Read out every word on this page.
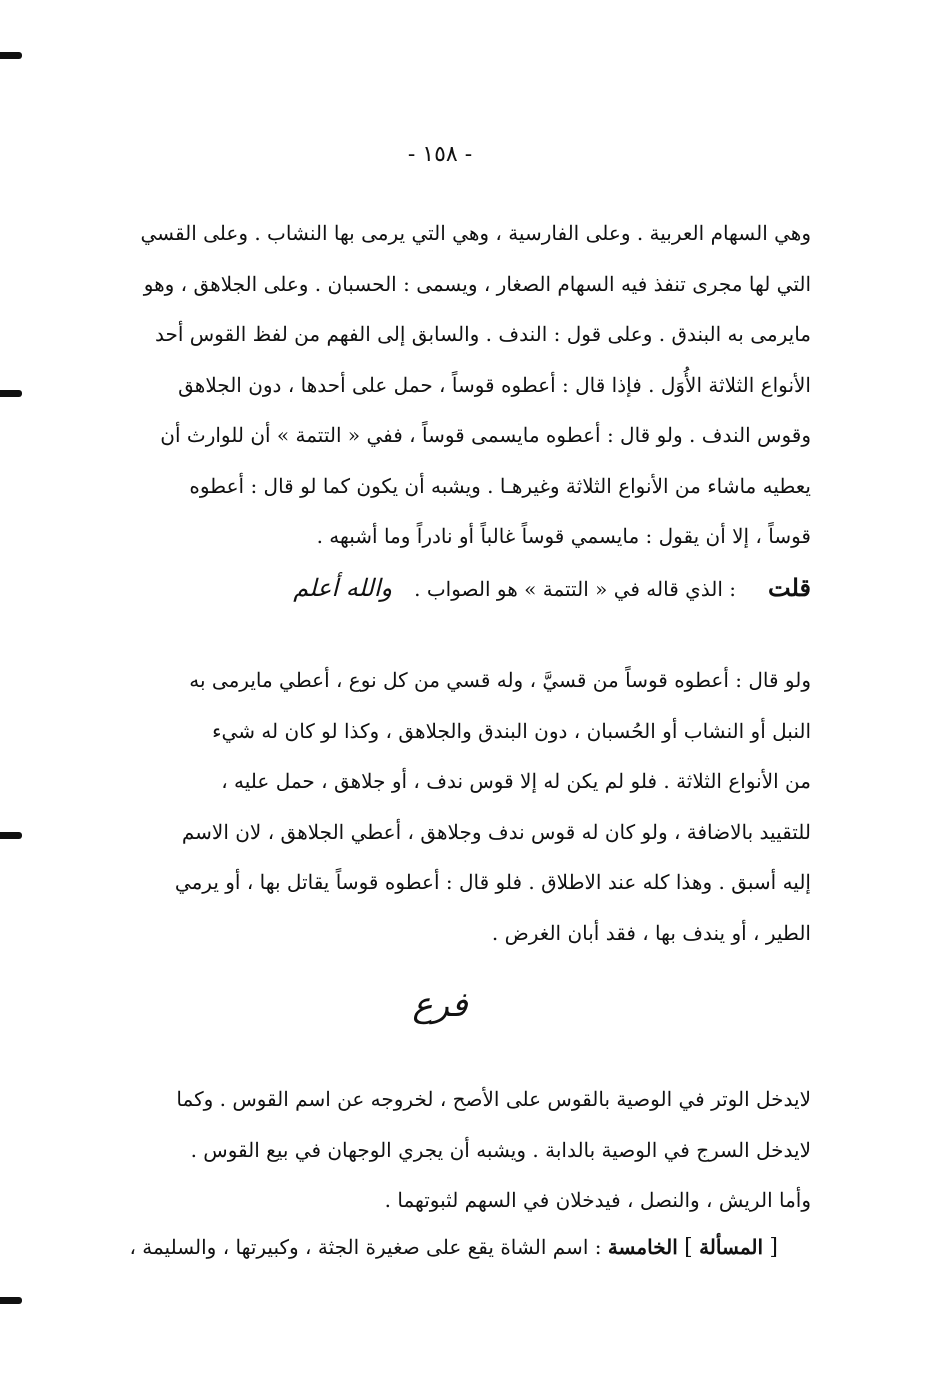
- ١٥٨ -
وهي السهام العربية . وعلى الفارسية ، وهي التي يرمى بها النشاب . وعلى القسي
التي لها مجرى تنفذ فيه السهام الصغار ، ويسمى : الحسبان . وعلى الجلاهق ، وهو
مايرمى به البندق . وعلى قول : الندف . والسابق إلى الفهم من لفظ القوس أحد
الأنواع الثلاثة الأُوَل . فإذا قال : أعطوه قوساً ، حمل على أحدها ، دون الجلاهق
وقوس الندف . ولو قال : أعطوه مايسمى قوساً ، ففي « التتمة » أن للوارث أن
يعطيه ماشاء من الأنواع الثلاثة وغيرهـا . ويشبه أن يكون كما لو قال : أعطوه
قوساً ، إلا أن يقول : مايسمي قوساً غالباً أو نادراً وما أشبهه .
قلت: الذي قاله في « التتمة » هو الصواب .والله أعلم
ولو قال : أعطوه قوساً من قسيَّ ، وله قسي من كل نوع ، أعطي مايرمى به
النبل أو النشاب أو الحُسبان ، دون البندق والجلاهق ، وكذا لو كان له شيء
من الأنواع الثلاثة . فلو لم يكن له إلا قوس ندف ، أو جلاهق ، حمل عليه ،
للتقييد بالاضافة ، ولو كان له قوس ندف وجلاهق ، أعطي الجلاهق ، لان الاسم
إليه أسبق . وهذا كله عند الاطلاق . فلو قال : أعطوه قوساً يقاتل بها ، أو يرمي
الطير ، أو يندف بها ، فقد أبان الغرض .
فرع
لايدخل الوتر في الوصية بالقوس على الأصح ، لخروجه عن اسم القوس . وكما
لايدخل السرج في الوصية بالدابة . ويشبه أن يجري الوجهان في بيع القوس .
وأما الريش ، والنصل ، فيدخلان في السهم لثبوتهما .
[ المسألة ] الخامسة : اسم الشاة يقع على صغيرة الجثة ، وكبيرتها ، والسليمة ،
